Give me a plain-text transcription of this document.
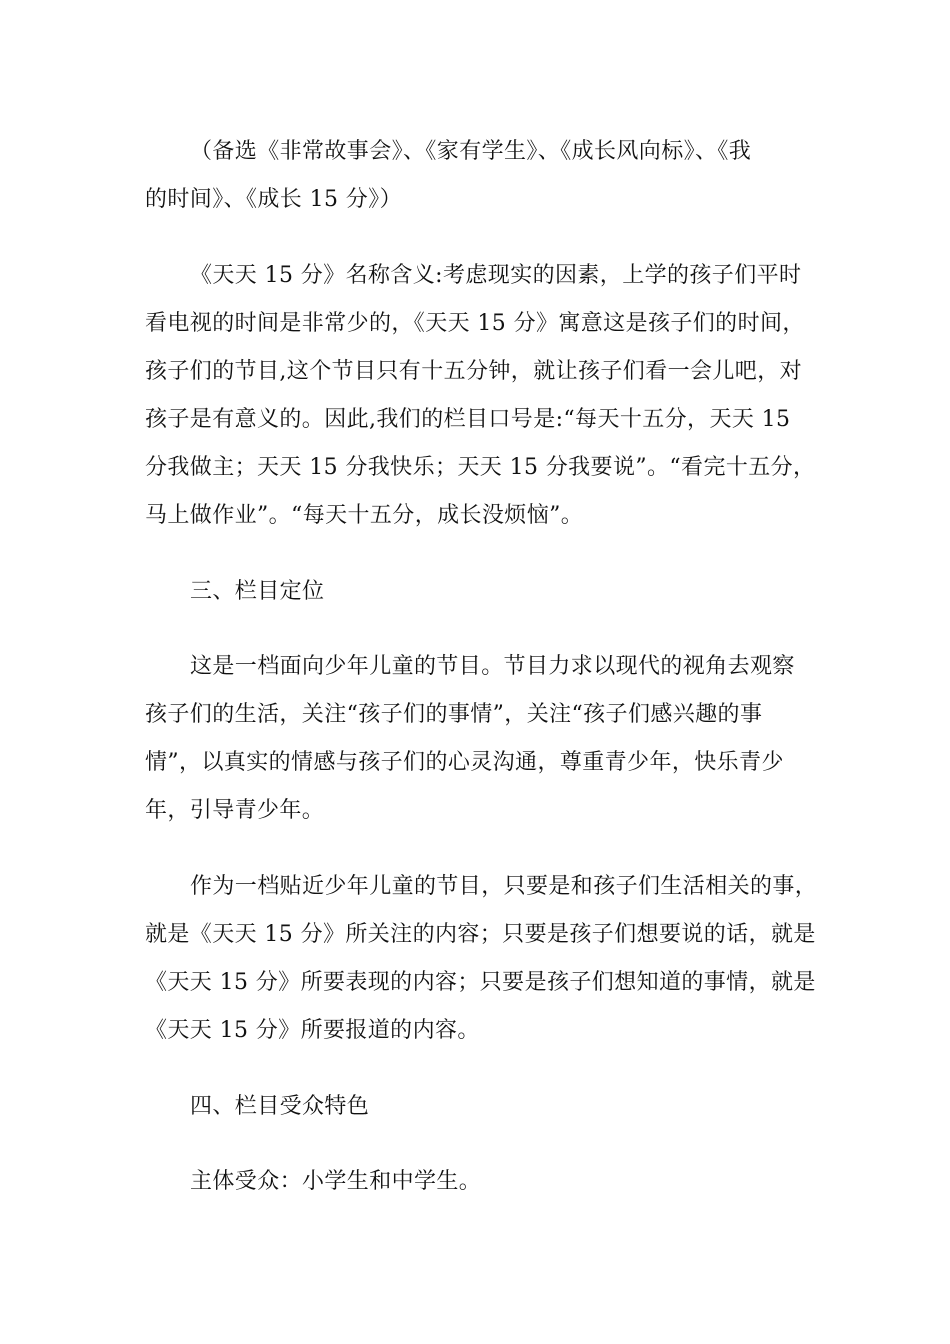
（备选《非常故事会》、《家有学生》、《成长风向标》、《我
的时间》、《成长 15 分》）
《天天 15 分》名称含义:考虑现实的因素，上学的孩子们平时
看电视的时间是非常少的，《天天 15 分》寓意这是孩子们的时间，
孩子们的节目,这个节目只有十五分钟，就让孩子们看一会儿吧，对
孩子是有意义的。因此,我们的栏目口号是:“每天十五分，天天 15
分我做主；天天 15 分我快乐；天天 15 分我要说”。“看完十五分，
马上做作业”。“每天十五分，成长没烦恼”。
三、栏目定位
这是一档面向少年儿童的节目。节目力求以现代的视角去观察
孩子们的生活，关注“孩子们的事情”，关注“孩子们感兴趣的事
情”，以真实的情感与孩子们的心灵沟通，尊重青少年，快乐青少
年，引导青少年。
作为一档贴近少年儿童的节目，只要是和孩子们生活相关的事，
就是《天天 15 分》所关注的内容；只要是孩子们想要说的话，就是
《天天 15 分》所要表现的内容；只要是孩子们想知道的事情，就是
《天天 15 分》所要报道的内容。
四、栏目受众特色
主体受众：小学生和中学生。
